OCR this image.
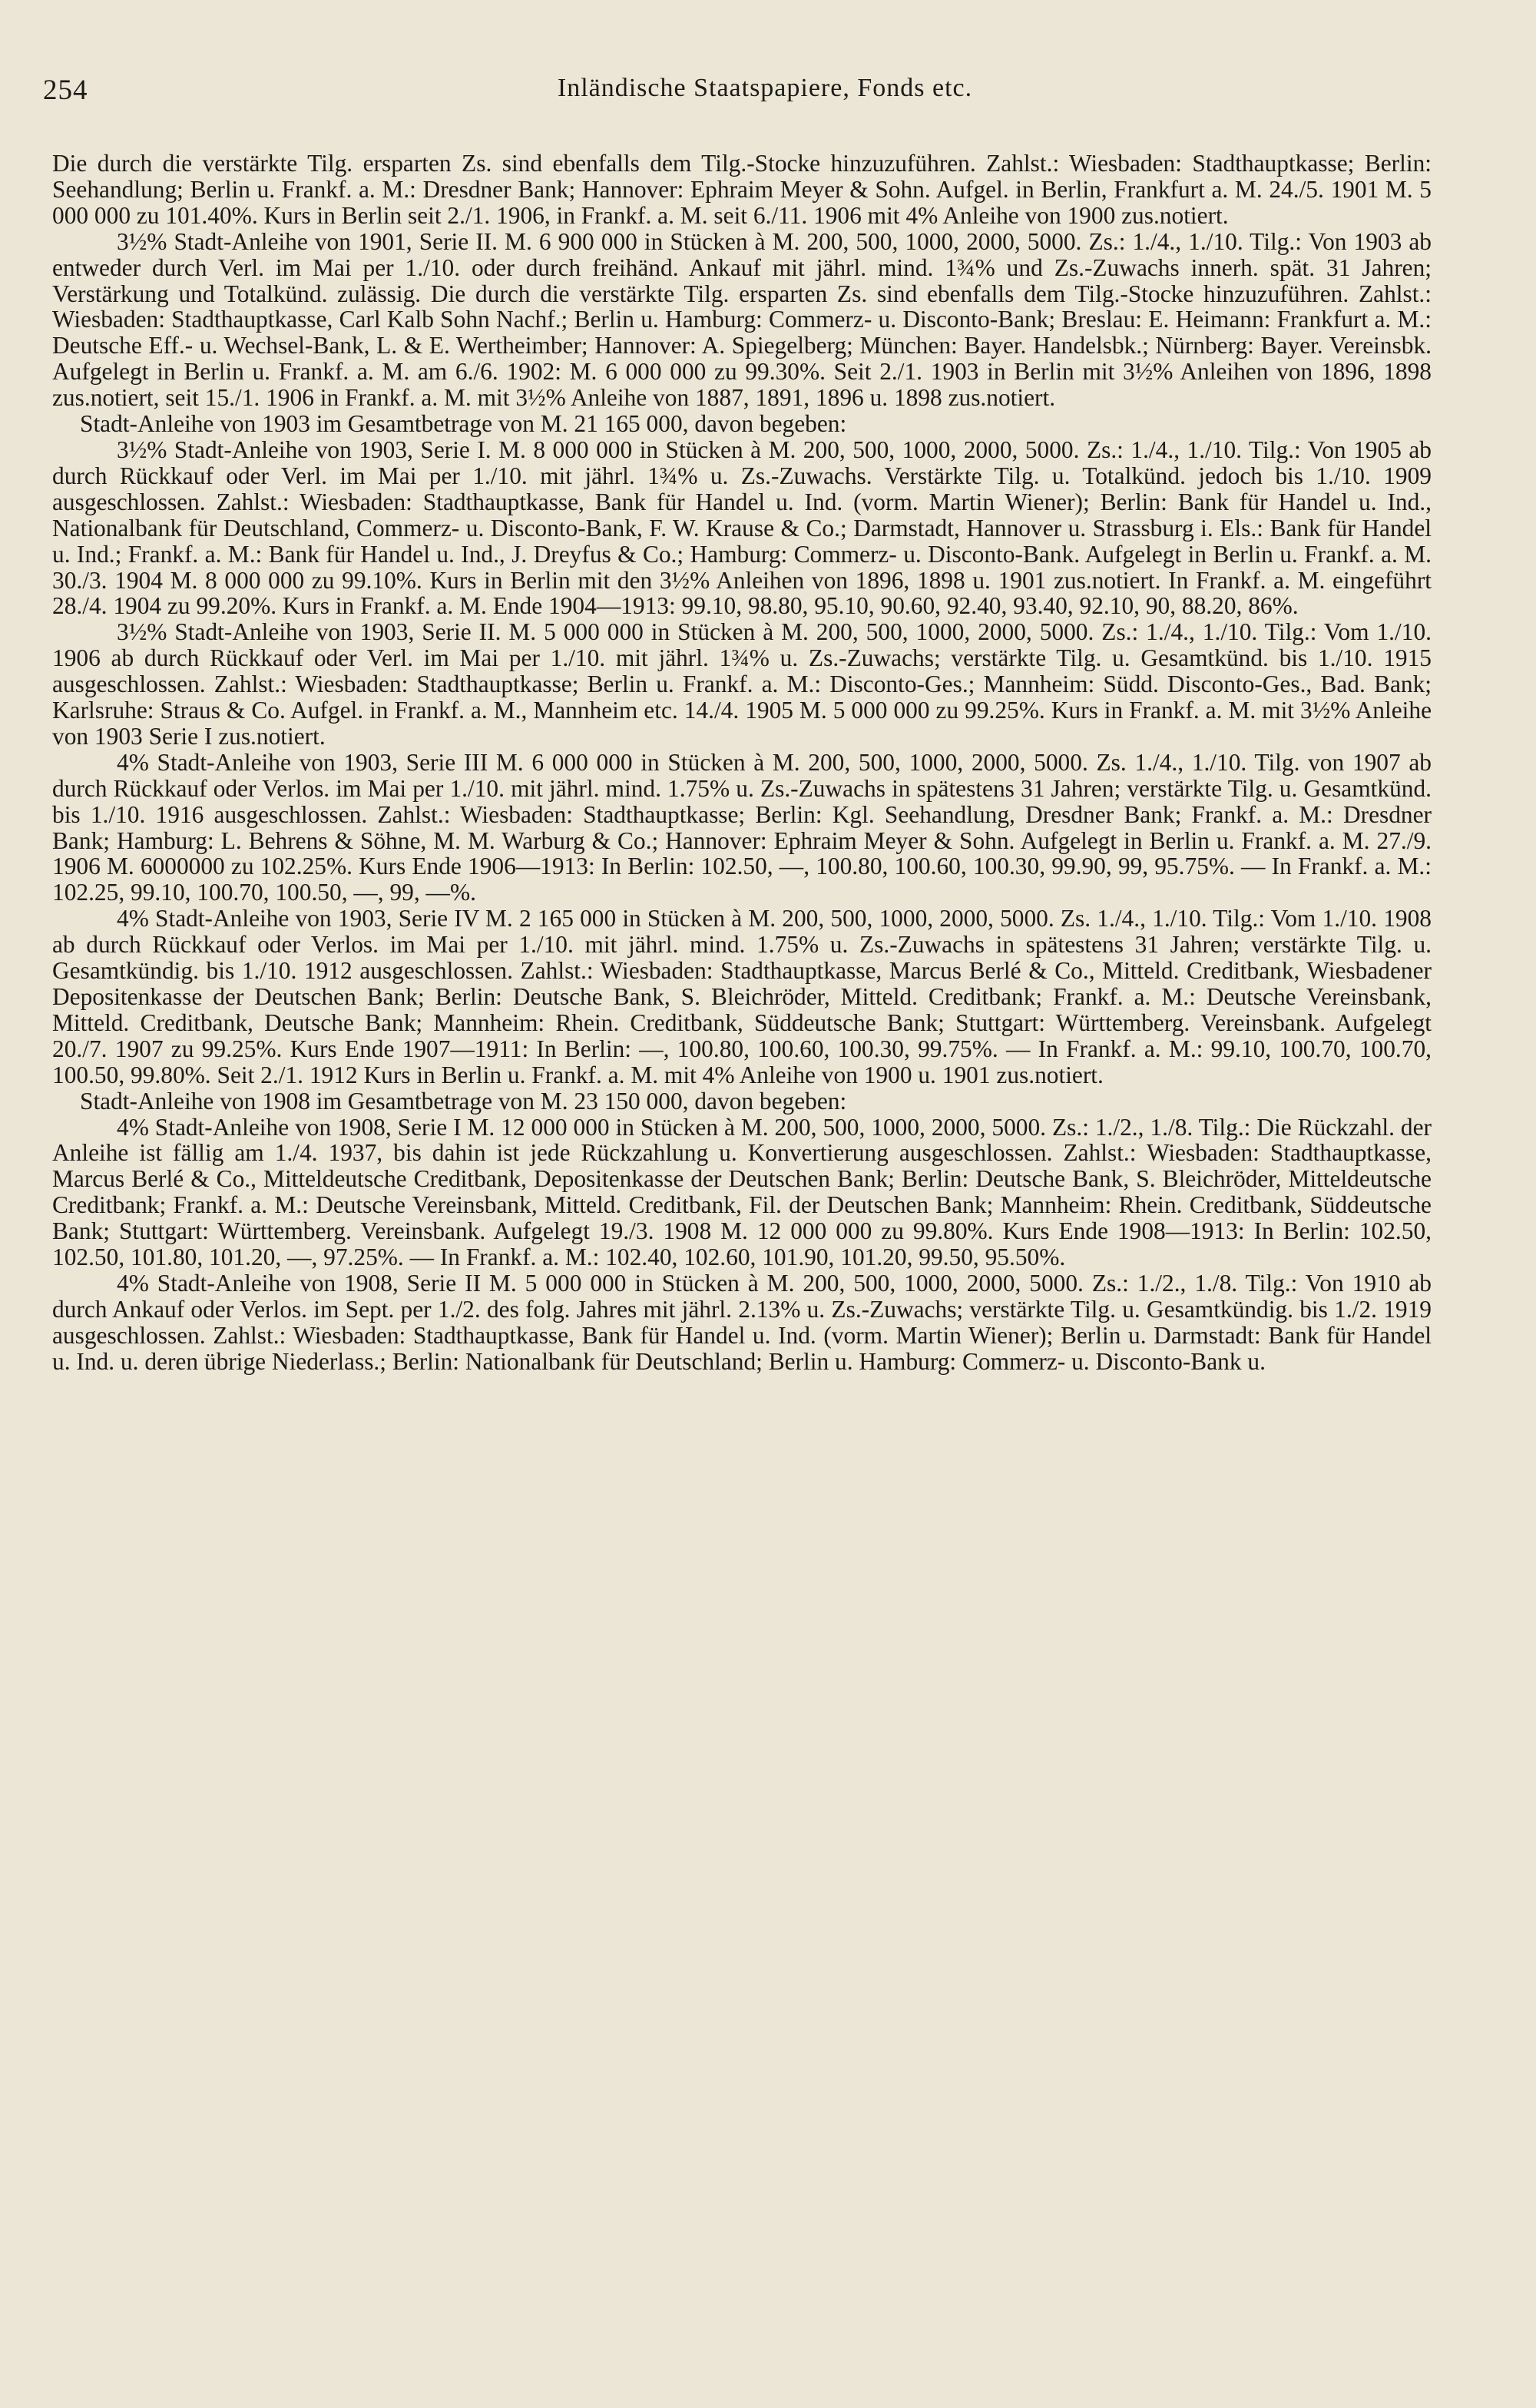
254	Inländische Staatspapiere, Fonds etc.

Die durch die verstärkte Tilg. ersparten Zs. sind ebenfalls dem Tilg.-Stocke hinzuzuführen. Zahlst.: Wiesbaden: Stadthauptkasse; Berlin: Seehandlung; Berlin u. Frankf. a. M.: Dresdner Bank; Hannover: Ephraim Meyer & Sohn. Aufgel. in Berlin, Frankfurt a. M. 24./5. 1901 M. 5 000 000 zu 101.40%. Kurs in Berlin seit 2./1. 1906, in Frankf. a. M. seit 6./11. 1906 mit 4% Anleihe von 1900 zus.notiert.

3½% Stadt-Anleihe von 1901, Serie II. M. 6 900 000 in Stücken à M. 200, 500, 1000, 2000, 5000. Zs.: 1./4., 1./10. Tilg.: Von 1903 ab entweder durch Verl. im Mai per 1./10. oder durch freihänd. Ankauf mit jährl. mind. 1¾% und Zs.-Zuwachs innerh. spät. 31 Jahren; Verstärkung und Totalkünd. zulässig. Die durch die verstärkte Tilg. ersparten Zs. sind ebenfalls dem Tilg.-Stocke hinzuzuführen. Zahlst.: Wiesbaden: Stadthauptkasse, Carl Kalb Sohn Nachf.; Berlin u. Hamburg: Commerz- u. Disconto-Bank; Breslau: E. Heimann: Frankfurt a. M.: Deutsche Eff.- u. Wechsel-Bank, L. & E. Wertheimber; Hannover: A. Spiegelberg; München: Bayer. Handelsbk.; Nürnberg: Bayer. Vereinsbk. Aufgelegt in Berlin u. Frankf. a. M. am 6./6. 1902: M. 6 000 000 zu 99.30%. Seit 2./1. 1903 in Berlin mit 3½% Anleihen von 1896, 1898 zus.notiert, seit 15./1. 1906 in Frankf. a. M. mit 3½% Anleihe von 1887, 1891, 1896 u. 1898 zus.notiert.

Stadt-Anleihe von 1903 im Gesamtbetrage von M. 21 165 000, davon begeben:

3½% Stadt-Anleihe von 1903, Serie I. M. 8 000 000 in Stücken à M. 200, 500, 1000, 2000, 5000. Zs.: 1./4., 1./10. Tilg.: Von 1905 ab durch Rückkauf oder Verl. im Mai per 1./10. mit jährl. 1¾% u. Zs.-Zuwachs. Verstärkte Tilg. u. Totalkünd. jedoch bis 1./10. 1909 ausgeschlossen. Zahlst.: Wiesbaden: Stadthauptkasse, Bank für Handel u. Ind. (vorm. Martin Wiener); Berlin: Bank für Handel u. Ind., Nationalbank für Deutschland, Commerz- u. Disconto-Bank, F. W. Krause & Co.; Darmstadt, Hannover u. Strassburg i. Els.: Bank für Handel u. Ind.; Frankf. a. M.: Bank für Handel u. Ind., J. Dreyfus & Co.; Hamburg: Commerz- u. Disconto-Bank. Aufgelegt in Berlin u. Frankf. a. M. 30./3. 1904 M. 8 000 000 zu 99.10%. Kurs in Berlin mit den 3½% Anleihen von 1896, 1898 u. 1901 zus.notiert. In Frankf. a. M. eingeführt 28./4. 1904 zu 99.20%. Kurs in Frankf. a. M. Ende 1904—1913: 99.10, 98.80, 95.10, 90.60, 92.40, 93.40, 92.10, 90, 88.20, 86%.

3½% Stadt-Anleihe von 1903, Serie II. M. 5 000 000 in Stücken à M. 200, 500, 1000, 2000, 5000. Zs.: 1./4., 1./10. Tilg.: Vom 1./10. 1906 ab durch Rückkauf oder Verl. im Mai per 1./10. mit jährl. 1¾% u. Zs.-Zuwachs; verstärkte Tilg. u. Gesamtkünd. bis 1./10. 1915 ausgeschlossen. Zahlst.: Wiesbaden: Stadthauptkasse; Berlin u. Frankf. a. M.: Disconto-Ges.; Mannheim: Südd. Disconto-Ges., Bad. Bank; Karlsruhe: Straus & Co. Aufgel. in Frankf. a. M., Mannheim etc. 14./4. 1905 M. 5 000 000 zu 99.25%. Kurs in Frankf. a. M. mit 3½% Anleihe von 1903 Serie I zus.notiert.

4% Stadt-Anleihe von 1903, Serie III M. 6 000 000 in Stücken à M. 200, 500, 1000, 2000, 5000. Zs. 1./4., 1./10. Tilg. von 1907 ab durch Rückkauf oder Verlos. im Mai per 1./10. mit jährl. mind. 1.75% u. Zs.-Zuwachs in spätestens 31 Jahren; verstärkte Tilg. u. Gesamtkünd. bis 1./10. 1916 ausgeschlossen. Zahlst.: Wiesbaden: Stadthauptkasse; Berlin: Kgl. Seehandlung, Dresdner Bank; Frankf. a. M.: Dresdner Bank; Hamburg: L. Behrens & Söhne, M. M. Warburg & Co.; Hannover: Ephraim Meyer & Sohn. Aufgelegt in Berlin u. Frankf. a. M. 27./9. 1906 M. 6000000 zu 102.25%. Kurs Ende 1906—1913: In Berlin: 102.50, —, 100.80, 100.60, 100.30, 99.90, 99, 95.75%. — In Frankf. a. M.: 102.25, 99.10, 100.70, 100.50, —, 99, —%.

4% Stadt-Anleihe von 1903, Serie IV M. 2 165 000 in Stücken à M. 200, 500, 1000, 2000, 5000. Zs. 1./4., 1./10. Tilg.: Vom 1./10. 1908 ab durch Rückkauf oder Verlos. im Mai per 1./10. mit jährl. mind. 1.75% u. Zs.-Zuwachs in spätestens 31 Jahren; verstärkte Tilg. u. Gesamtkündig. bis 1./10. 1912 ausgeschlossen. Zahlst.: Wiesbaden: Stadthauptkasse, Marcus Berlé & Co., Mitteld. Creditbank, Wiesbadener Depositenkasse der Deutschen Bank; Berlin: Deutsche Bank, S. Bleichröder, Mitteld. Creditbank; Frankf. a. M.: Deutsche Vereinsbank, Mitteld. Creditbank, Deutsche Bank; Mannheim: Rhein. Creditbank, Süddeutsche Bank; Stuttgart: Württemberg. Vereinsbank. Aufgelegt 20./7. 1907 zu 99.25%. Kurs Ende 1907—1911: In Berlin: —, 100.80, 100.60, 100.30, 99.75%. — In Frankf. a. M.: 99.10, 100.70, 100.70, 100.50, 99.80%. Seit 2./1. 1912 Kurs in Berlin u. Frankf. a. M. mit 4% Anleihe von 1900 u. 1901 zus.notiert.

Stadt-Anleihe von 1908 im Gesamtbetrage von M. 23 150 000, davon begeben:

4% Stadt-Anleihe von 1908, Serie I M. 12 000 000 in Stücken à M. 200, 500, 1000, 2000, 5000. Zs.: 1./2., 1./8. Tilg.: Die Rückzahl. der Anleihe ist fällig am 1./4. 1937, bis dahin ist jede Rückzahlung u. Konvertierung ausgeschlossen. Zahlst.: Wiesbaden: Stadthauptkasse, Marcus Berlé & Co., Mitteldeutsche Creditbank, Depositenkasse der Deutschen Bank; Berlin: Deutsche Bank, S. Bleichröder, Mitteldeutsche Creditbank; Frankf. a. M.: Deutsche Vereinsbank, Mitteld. Creditbank, Fil. der Deutschen Bank; Mannheim: Rhein. Creditbank, Süddeutsche Bank; Stuttgart: Württemberg. Vereinsbank. Aufgelegt 19./3. 1908 M. 12 000 000 zu 99.80%. Kurs Ende 1908—1913: In Berlin: 102.50, 102.50, 101.80, 101.20, —, 97.25%. — In Frankf. a. M.: 102.40, 102.60, 101.90, 101.20, 99.50, 95.50%.

4% Stadt-Anleihe von 1908, Serie II M. 5 000 000 in Stücken à M. 200, 500, 1000, 2000, 5000. Zs.: 1./2., 1./8. Tilg.: Von 1910 ab durch Ankauf oder Verlos. im Sept. per 1./2. des folg. Jahres mit jährl. 2.13% u. Zs.-Zuwachs; verstärkte Tilg. u. Gesamtkündig. bis 1./2. 1919 ausgeschlossen. Zahlst.: Wiesbaden: Stadthauptkasse, Bank für Handel u. Ind. (vorm. Martin Wiener); Berlin u. Darmstadt: Bank für Handel u. Ind. u. deren übrige Niederlass.; Berlin: Nationalbank für Deutschland; Berlin u. Hamburg: Commerz- u. Disconto-Bank u.
